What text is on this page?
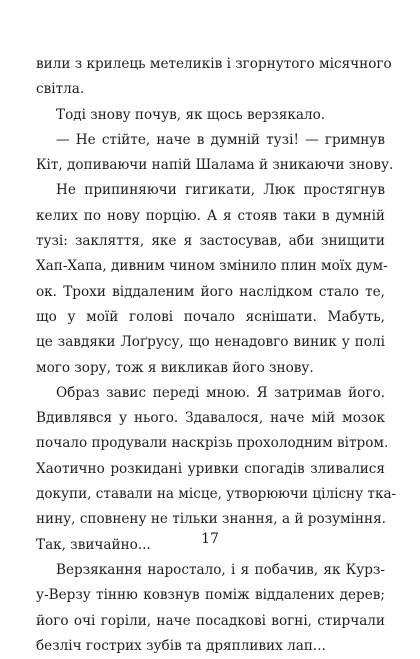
вили з крилець метеликів і згорнутого місячного
світла.
Тоді знову почув, як щось верзякало.
— Не стійте, наче в думній тузі! — гримнув
Кіт, допиваючи напій Шалама й зникаючи знову.
Не припиняючи гигикати, Люк простягнув
келих по нову порцію. А я стояв таки в думній
тузі: закляття, яке я застосував, аби знищити
Хап-Хапа, дивним чином змінило плин моїх дум-
ок. Трохи віддаленим його наслідком стало те,
що у моїй голові почало яснішати. Мабуть,
це завдяки Лоґрусу, що ненадовго виник у полі
мого зору, тож я викликав його знову.
Образ завис переді мною. Я затримав його.
Вдивлявся у нього. Здавалося, наче мій мозок
почало продували наскрізь прохолодним вітром.
Хаотично розкидані уривки спогадів зливалися
докупи, ставали на місце, утворюючи цілісну тка-
нину, сповнену не тільки знання, а й розуміння.
Так, звичайно...
Верзякання наростало, і я побачив, як Курз-
у-Верзу тінню ковзнув поміж віддалених дерев;
його очі горіли, наче посадкові вогні, стирчали
безліч гострих зубів та дряпливих лап...
17
